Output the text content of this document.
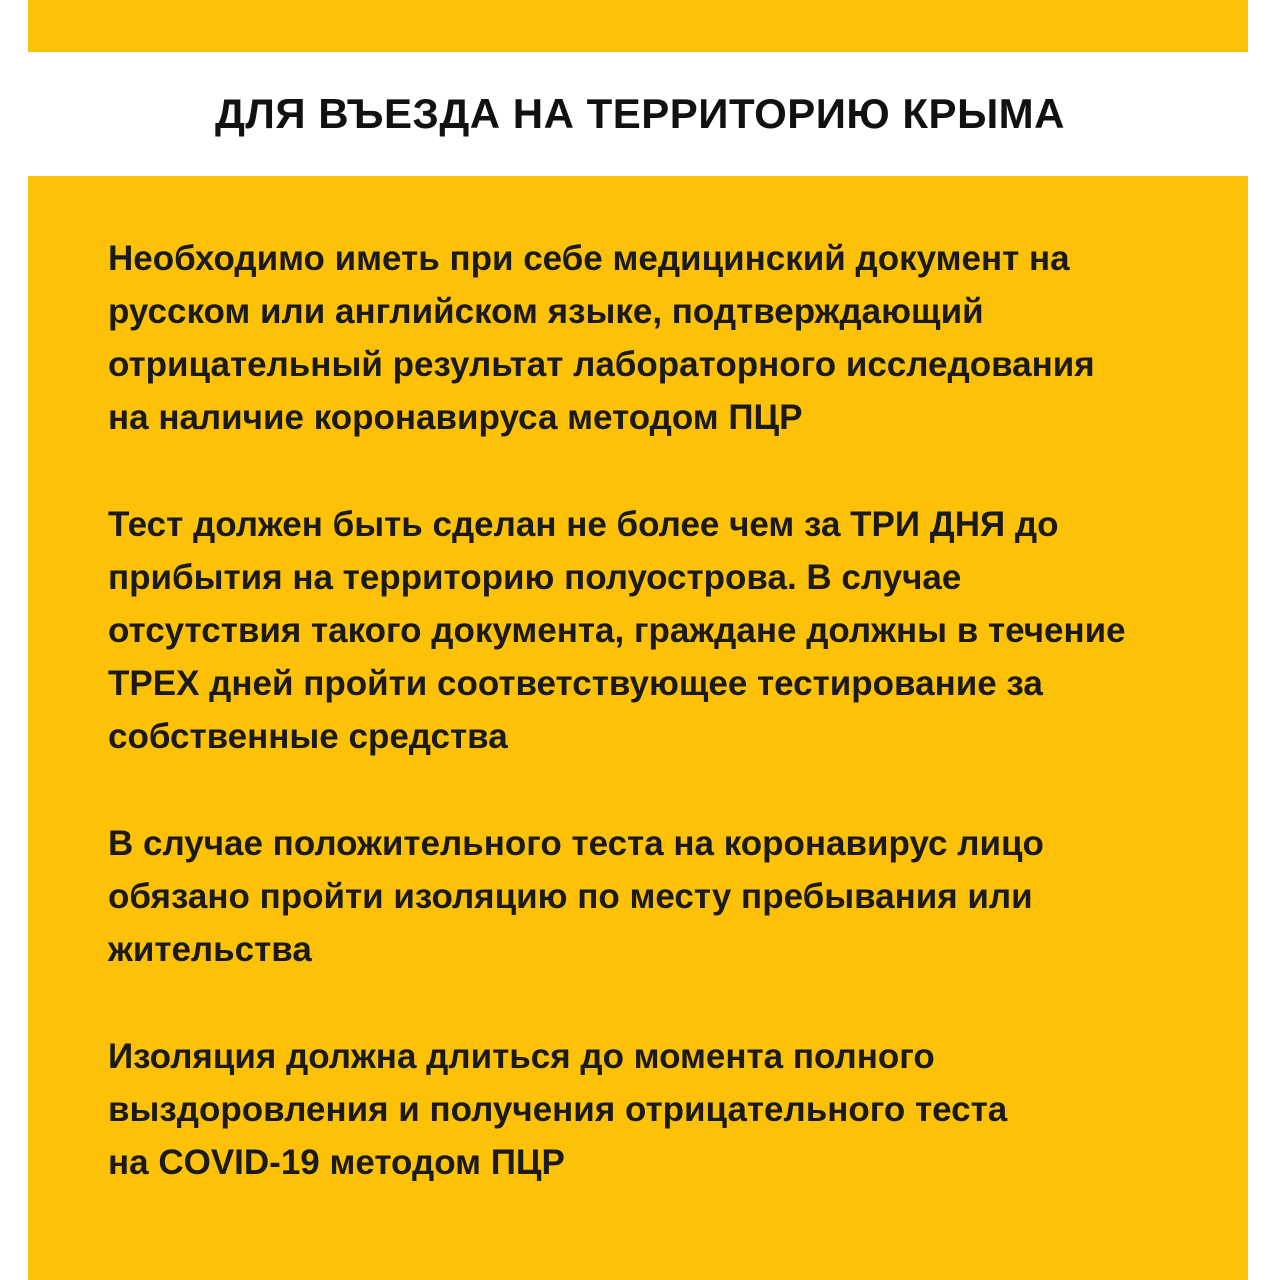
ДЛЯ ВЪЕЗДА НА ТЕРРИТОРИЮ КРЫМА

Необходимо иметь при себе медицинский документ на
русском или английском языке, подтверждающий
отрицательный результат лабораторного исследования
на наличие коронавируса методом ПЦР

Тест должен быть сделан не более чем за ТРИ ДНЯ до
прибытия на территорию полуострова. В случае
отсутствия такого документа, граждане должны в течение
ТРЕХ дней пройти соответствующее тестирование за
собственные средства

В случае положительного теста на коронавирус лицо
обязано пройти изоляцию по месту пребывания или
жительства

Изоляция должна длиться до момента полного
выздоровления и получения отрицательного теста
на COVID-19 методом ПЦР
